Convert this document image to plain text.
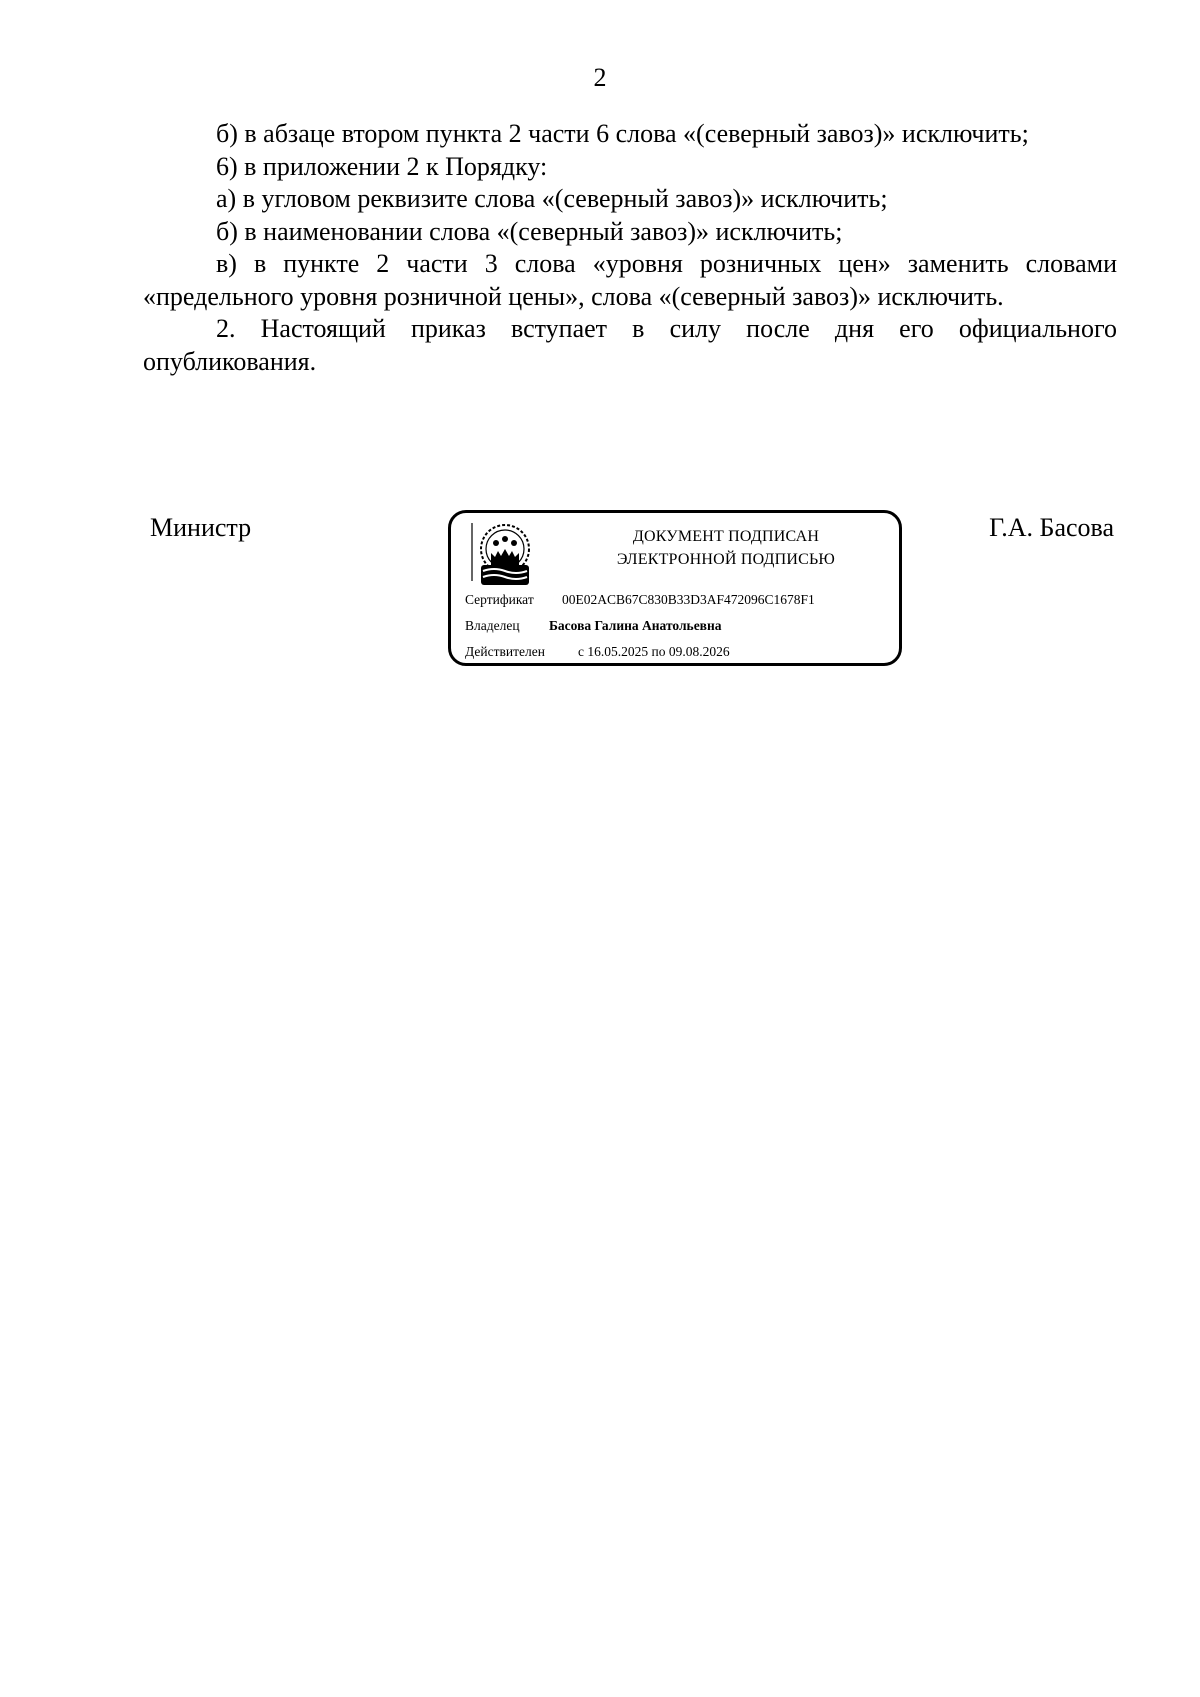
2

б) в абзаце втором пункта 2 части 6 слова «(северный завоз)» исключить;

6) в приложении 2 к Порядку:

а) в угловом реквизите слова «(северный завоз)» исключить;

б) в наименовании слова «(северный завоз)» исключить;

в) в пункте 2 части 3 слова «уровня розничных цен» заменить словами «предельного уровня розничной цены», слова «(северный завоз)» исключить.

2. Настоящий приказ вступает в силу после дня его официального опубликования.

Министр	ДОКУМЕНТ ПОДПИСАН
ЭЛЕКТРОННОЙ ПОДПИСЬЮ
Сертификат 00E02ACB67C830B33D3AF472096C1678F1
Владелец Басова Галина Анатольевна
Действителен с 16.05.2025 по 09.08.2026
Г.А. Басова
